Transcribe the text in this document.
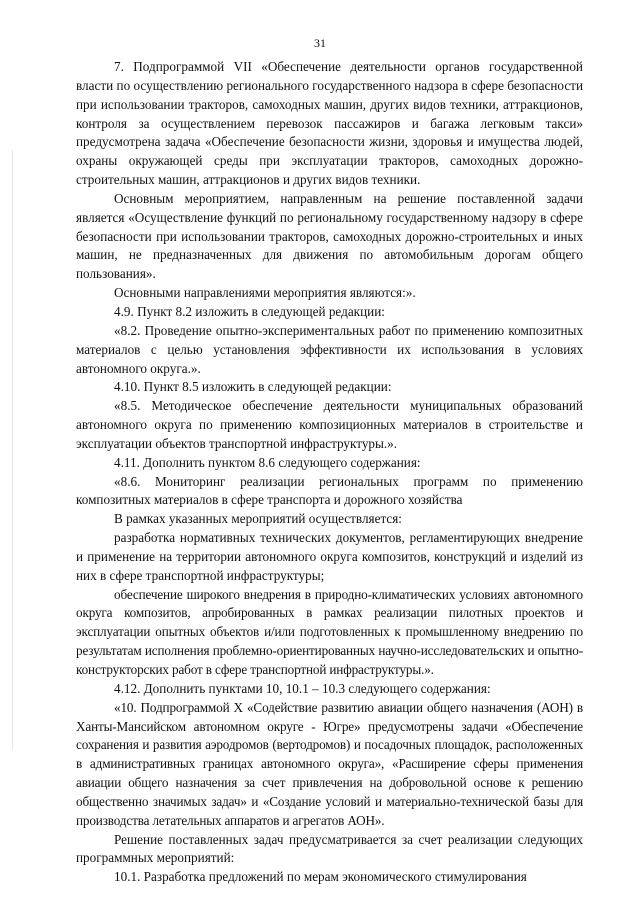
31

7. Подпрограммой VII «Обеспечение деятельности органов государственной власти по осуществлению регионального государственного надзора в сфере безопасности при использовании тракторов, самоходных машин, других видов техники, аттракционов, контроля за осуществлением перевозок пассажиров и багажа легковым такси» предусмотрена задача «Обеспечение безопасности жизни, здоровья и имущества людей, охраны окружающей среды при эксплуатации тракторов, самоходных дорожно-строительных машин, аттракционов и других видов техники.

Основным мероприятием, направленным на решение поставленной задачи является «Осуществление функций по региональному государственному надзору в сфере безопасности при использовании тракторов, самоходных дорожно-строительных и иных машин, не предназначенных для движения по автомобильным дорогам общего пользования».

Основными направлениями мероприятия являются:».

4.9. Пункт 8.2 изложить в следующей редакции:

«8.2. Проведение опытно-экспериментальных работ по применению композитных материалов с целью установления эффективности их использования в условиях автономного округа.».

4.10. Пункт 8.5 изложить в следующей редакции:

«8.5. Методическое обеспечение деятельности муниципальных образований автономного округа по применению композиционных материалов в строительстве и эксплуатации объектов транспортной инфраструктуры.».

4.11. Дополнить пунктом 8.6 следующего содержания:

«8.6. Мониторинг реализации региональных программ по применению композитных материалов в сфере транспорта и дорожного хозяйства

В рамках указанных мероприятий осуществляется:

разработка нормативных технических документов, регламентирующих внедрение и применение на территории автономного округа композитов, конструкций и изделий из них в сфере транспортной инфраструктуры;

обеспечение широкого внедрения в природно-климатических условиях автономного округа композитов, апробированных в рамках реализации пилотных проектов и эксплуатации опытных объектов и/или подготовленных к промышленному внедрению по результатам исполнения проблемно-ориентированных научно-исследовательских и опытно-конструкторских работ в сфере транспортной инфраструктуры.».

4.12. Дополнить пунктами 10, 10.1 – 10.3 следующего содержания:

«10. Подпрограммой X «Содействие развитию авиации общего назначения (АОН) в Ханты-Мансийском автономном округе - Югре» предусмотрены задачи «Обеспечение сохранения и развития аэродромов (вертодромов) и посадочных площадок, расположенных в административных границах автономного округа», «Расширение сферы применения авиации общего назначения за счет привлечения на добровольной основе к решению общественно значимых задач» и «Создание условий и материально-технической базы для производства летательных аппаратов и агрегатов АОН».

Решение поставленных задач предусматривается за счет реализации следующих программных мероприятий:

10.1. Разработка предложений по мерам экономического стимулирования
